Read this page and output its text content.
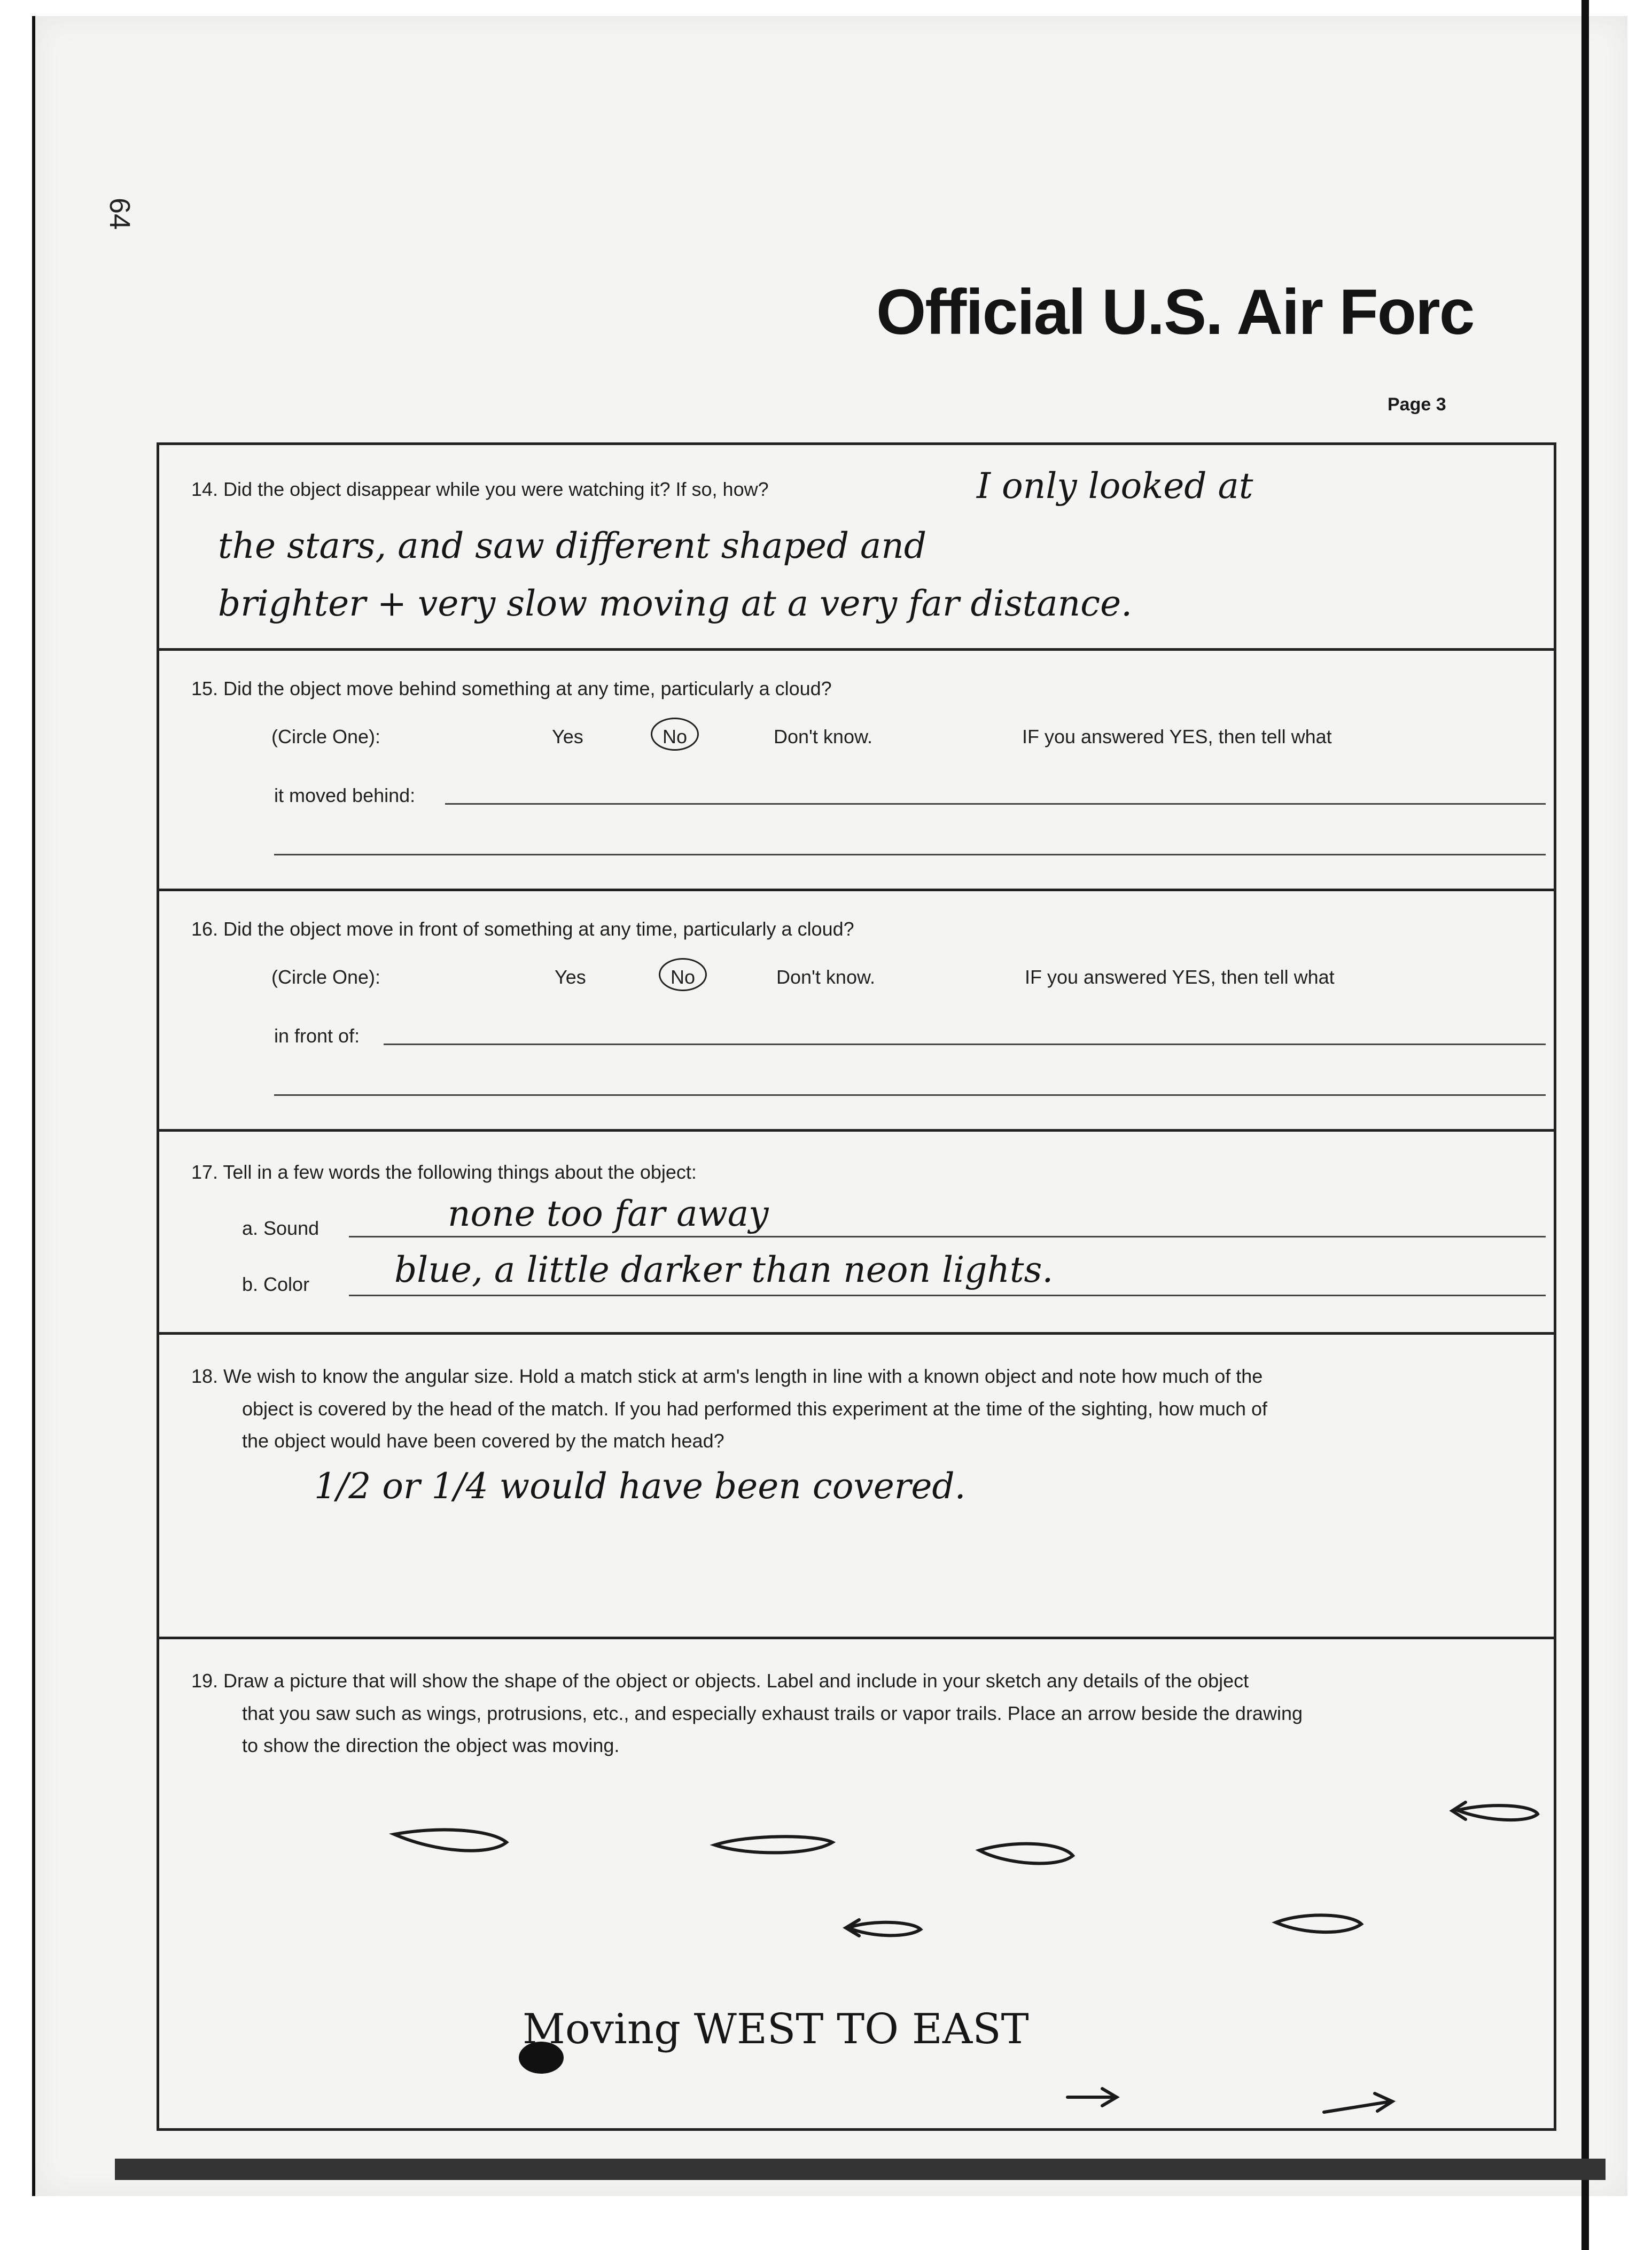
64
Official U.S. Air Forc
Page 3
14. Did the object disappear while you were watching it? If so, how?	I only looked at
the stars, and saw different shaped and
brighter + very slow moving at a very far distance.
15. Did the object move behind something at any time, particularly a cloud?
(Circle One):	Yes	No	Don't know.	IF you answered YES, then tell what
it moved behind:
16. Did the object move in front of something at any time, particularly a cloud?
(Circle One):	Yes	No	Don't know.	IF you answered YES, then tell what
in front of:
17. Tell in a few words the following things about the object:
a. Sound	none too far away
b. Color blue, a little darker than neon lights.
18. We wish to know the angular size. Hold a match stick at arm's length in line with a known object and note how much of the
object is covered by the head of the match. If you had performed this experiment at the time of the sighting, how much of
the object would have been covered by the match head?
1/2 or 1/4 would have been covered.
19. Draw a picture that will show the shape of the object or objects. Label and include in your sketch any details of the object
that you saw such as wings, protrusions, etc., and especially exhaust trails or vapor trails. Place an arrow beside the drawing
to show the direction the object was moving.
Moving WEST TO EAST
